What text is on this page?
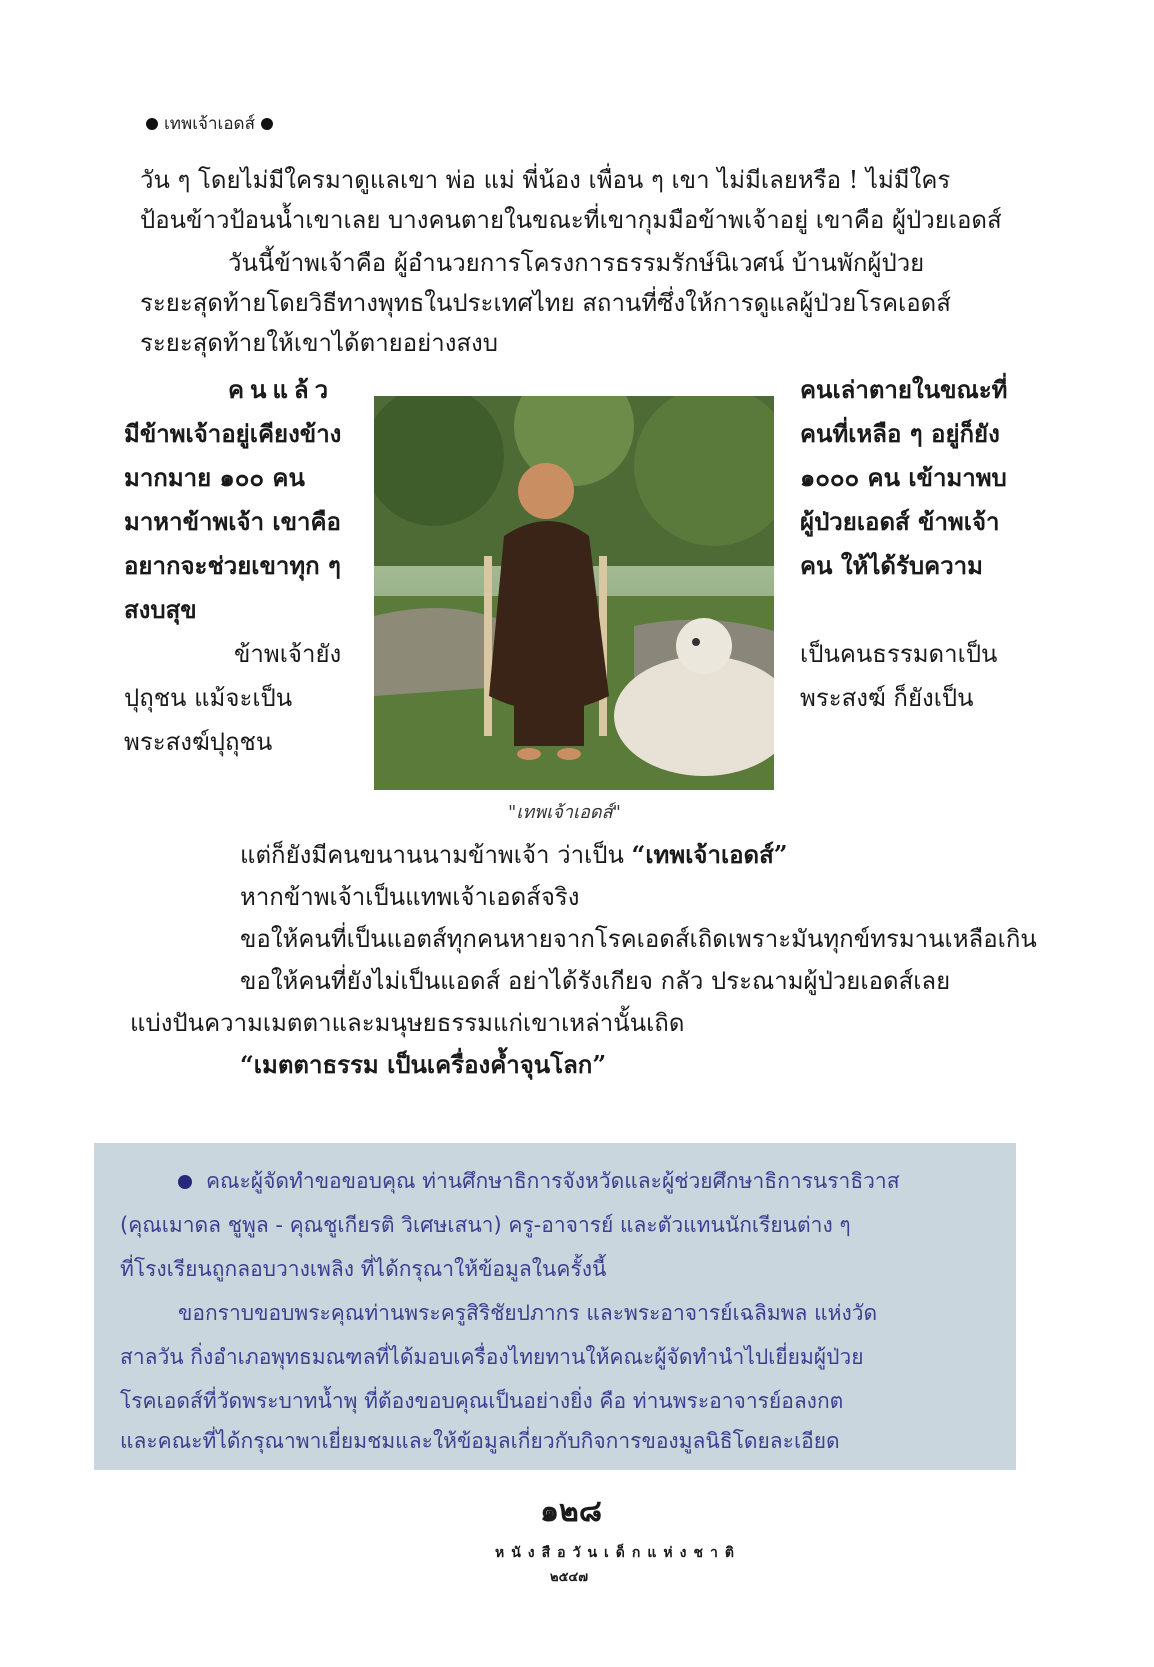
เทพเจ้าเอดส์
วัน ๆ โดยไม่มีใครมาดูแลเขา พ่อ แม่ พี่น้อง เพื่อน ๆ เขา ไม่มีเลยหรือ ! ไม่มีใคร
ป้อนข้าวป้อนน้ำเขาเลย บางคนตายในขณะที่เขากุมมือข้าพเจ้าอยู่ เขาคือ ผู้ป่วยเอดส์
วันนี้ข้าพเจ้าคือ ผู้อำนวยการโครงการธรรมรักษ์นิเวศน์ บ้านพักผู้ป่วย
ระยะสุดท้ายโดยวิธีทางพุทธในประเทศไทย สถานที่ซึ่งให้การดูแลผู้ป่วยโรคเอดส์
ระยะสุดท้ายให้เขาได้ตายอย่างสงบ
คนแล้ว
มีข้าพเจ้าอยู่เคียงข้าง
มากมาย ๑๐๐ คน
มาหาข้าพเจ้า เขาคือ
อยากจะช่วยเขาทุก ๆ
สงบสุข
ข้าพเจ้ายัง
ปุถุชน แม้จะเป็น
พระสงฆ์ปุถุชน
"เทพเจ้าเอดส์"
คนเล่าตายในขณะที่
คนที่เหลือ ๆ อยู่ก็ยัง
๑๐๐๐ คน เข้ามาพบ
ผู้ป่วยเอดส์ ข้าพเจ้า
คน ให้ได้รับความ
เป็นคนธรรมดาเป็น
พระสงฆ์ ก็ยังเป็น
แต่ก็ยังมีคนขนานนามข้าพเจ้า ว่าเป็น “เทพเจ้าเอดส์”
หากข้าพเจ้าเป็นแทพเจ้าเอดส์จริง
ขอให้คนที่เป็นแอตส์ทุกคนหายจากโรคเอดส์เถิดเพราะมันทุกข์ทรมานเหลือเกิน
ขอให้คนที่ยังไม่เป็นแอดส์ อย่าได้รังเกียจ กลัว ประณามผู้ป่วยเอดส์เลย
แบ่งปันความเมตตาและมนุษยธรรมแก่เขาเหล่านั้นเถิด
“เมตตาธรรม เป็นเครื่องค้ำจุนโลก”
คณะผู้จัดทำขอขอบคุณ ท่านศึกษาธิการจังหวัดและผู้ช่วยศึกษาธิการนราธิวาส
(คุณเมาดล ชูพูล - คุณชูเกียรติ วิเศษเสนา) ครู-อาจารย์ และตัวแทนนักเรียนต่าง ๆ
ที่โรงเรียนถูกลอบวางเพลิง ที่ได้กรุณาให้ข้อมูลในครั้งนี้
ขอกราบขอบพระคุณท่านพระครูสิริชัยปภากร และพระอาจารย์เฉลิมพล แห่งวัด
สาลวัน กิ่งอำเภอพุทธมณฑลที่ได้มอบเครื่องไทยทานให้คณะผู้จัดทำนำไปเยี่ยมผู้ป่วย
โรคเอดส์ที่วัดพระบาทน้ำพุ ที่ต้องขอบคุณเป็นอย่างยิ่ง คือ ท่านพระอาจารย์อลงกต
และคณะที่ได้กรุณาพาเยี่ยมชมและให้ข้อมูลเกี่ยวกับกิจการของมูลนิธิโดยละเอียด
๑๒๘
หนังสือวันเด็กแห่งชาติ
๒๕๔๗
